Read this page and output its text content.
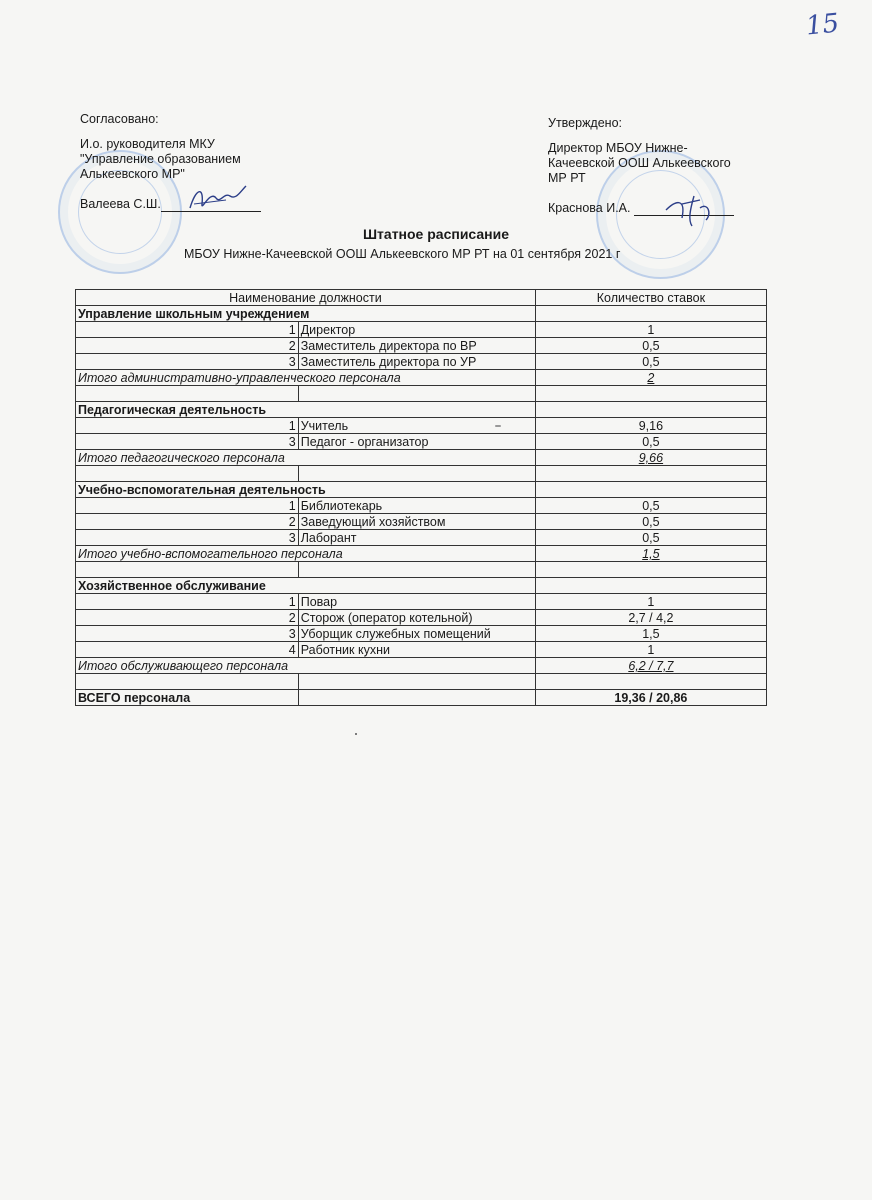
15
Согласовано:
И.о. руководителя МКУ
"Управление образованием
Алькеевского МР"
Валеева С.Ш.
Утверждено:
Директор МБОУ Нижне-
Качеевской ООШ Алькеевского
МР РТ
Краснова И.А.
Штатное расписание
МБОУ Нижне-Качеевской ООШ Алькеевского МР РТ на 01 сентября 2021 г
Наименование должности		Количество ставок
Управление школьным учреждением		
1	Директор	1
2	Заместитель директора по ВР	0,5
3	Заместитель директора по УР	0,5
Итого административно-управленческого персонала		2

Педагогическая деятельность		
1	Учитель	9,16
3	Педагог - организатор	0,5
Итого педагогического персонала		9,66

Учебно-вспомогательная деятельность		
1	Библиотекарь	0,5
2	Заведующий хозяйством	0,5
3	Лаборант	0,5
Итого учебно-вспомогательного персонала		1,5

Хозяйственное обслуживание		
1	Повар	1
2	Сторож (оператор котельной)	2,7 / 4,2
3	Уборщик служебных помещений	1,5
4	Работник кухни	1
Итого обслуживающего персонала		6,2 / 7,7

ВСЕГО персонала		19,36 / 20,86
